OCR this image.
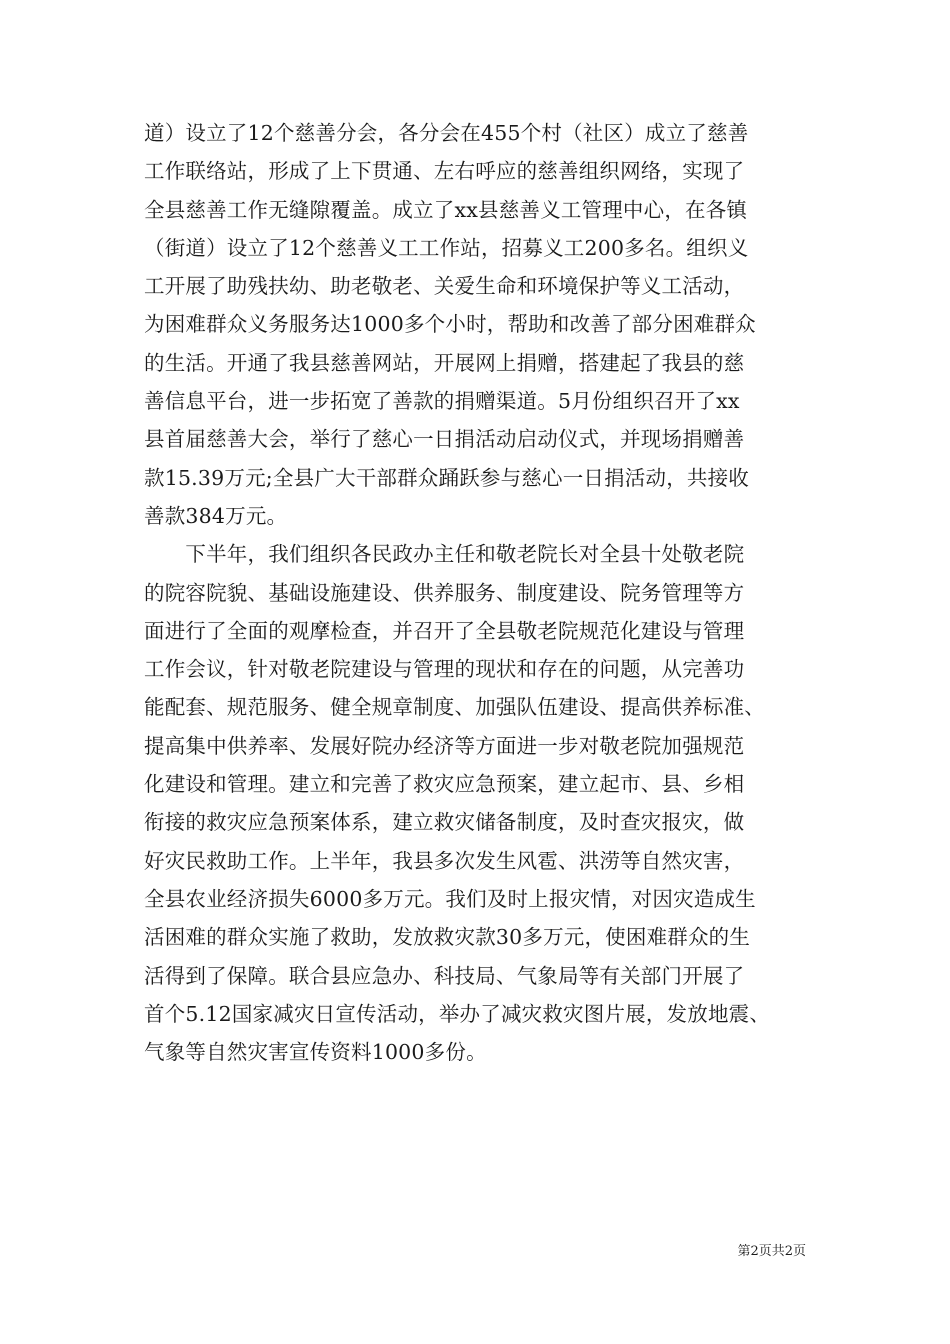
道）设立了12个慈善分会，各分会在455个村（社区）成立了慈善
工作联络站，形成了上下贯通、左右呼应的慈善组织网络，实现了
全县慈善工作无缝隙覆盖。成立了xx县慈善义工管理中心，在各镇
（街道）设立了12个慈善义工工作站，招募义工200多名。组织义
工开展了助残扶幼、助老敬老、关爱生命和环境保护等义工活动，
为困难群众义务服务达1000多个小时，帮助和改善了部分困难群众
的生活。开通了我县慈善网站，开展网上捐赠，搭建起了我县的慈
善信息平台，进一步拓宽了善款的捐赠渠道。5月份组织召开了xx
县首届慈善大会，举行了慈心一日捐活动启动仪式，并现场捐赠善
款15.39万元;全县广大干部群众踊跃参与慈心一日捐活动，共接收
善款384万元。
　　下半年，我们组织各民政办主任和敬老院长对全县十处敬老院
的院容院貌、基础设施建设、供养服务、制度建设、院务管理等方
面进行了全面的观摩检查，并召开了全县敬老院规范化建设与管理
工作会议，针对敬老院建设与管理的现状和存在的问题，从完善功
能配套、规范服务、健全规章制度、加强队伍建设、提高供养标准、
提高集中供养率、发展好院办经济等方面进一步对敬老院加强规范
化建设和管理。建立和完善了救灾应急预案，建立起市、县、乡相
衔接的救灾应急预案体系，建立救灾储备制度，及时查灾报灾，做
好灾民救助工作。上半年，我县多次发生风雹、洪涝等自然灾害，
全县农业经济损失6000多万元。我们及时上报灾情，对因灾造成生
活困难的群众实施了救助，发放救灾款30多万元，使困难群众的生
活得到了保障。联合县应急办、科技局、气象局等有关部门开展了
首个5.12国家减灾日宣传活动，举办了减灾救灾图片展，发放地震、
气象等自然灾害宣传资料1000多份。
第2页共2页
